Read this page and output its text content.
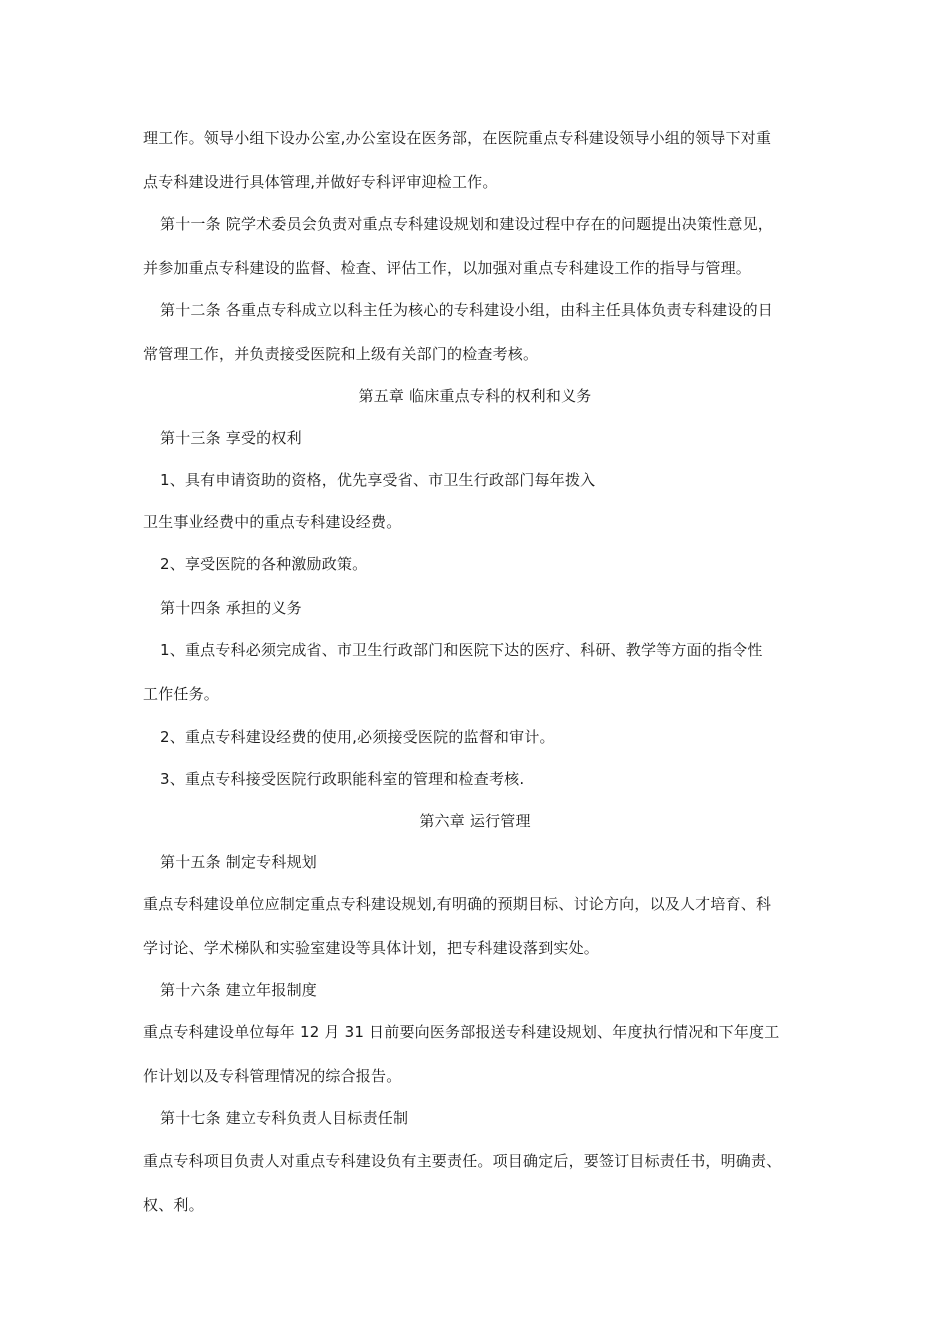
理工作。领导小组下设办公室,办公室设在医务部，在医院重点专科建设领导小组的领导下对重
点专科建设进行具体管理,并做好专科评审迎检工作。
第十一条 院学术委员会负责对重点专科建设规划和建设过程中存在的问题提出决策性意见，
并参加重点专科建设的监督、检查、评估工作，以加强对重点专科建设工作的指导与管理。
第十二条 各重点专科成立以科主任为核心的专科建设小组，由科主任具体负责专科建设的日
常管理工作，并负责接受医院和上级有关部门的检查考核。
第五章 临床重点专科的权利和义务
第十三条 享受的权利
1、具有申请资助的资格，优先享受省、市卫生行政部门每年拨入
卫生事业经费中的重点专科建设经费。
2、享受医院的各种激励政策。
第十四条 承担的义务
1、重点专科必须完成省、市卫生行政部门和医院下达的医疗、科研、教学等方面的指令性
工作任务。
2、重点专科建设经费的使用,必须接受医院的监督和审计。
3、重点专科接受医院行政职能科室的管理和检查考核.
第六章 运行管理
第十五条 制定专科规划
重点专科建设单位应制定重点专科建设规划,有明确的预期目标、讨论方向，以及人才培育、科
学讨论、学术梯队和实验室建设等具体计划，把专科建设落到实处。
第十六条 建立年报制度
重点专科建设单位每年 12 月 31 日前要向医务部报送专科建设规划、年度执行情况和下年度工
作计划以及专科管理情况的综合报告。
第十七条 建立专科负责人目标责任制
重点专科项目负责人对重点专科建设负有主要责任。项目确定后，要签订目标责任书，明确责、
权、利。
